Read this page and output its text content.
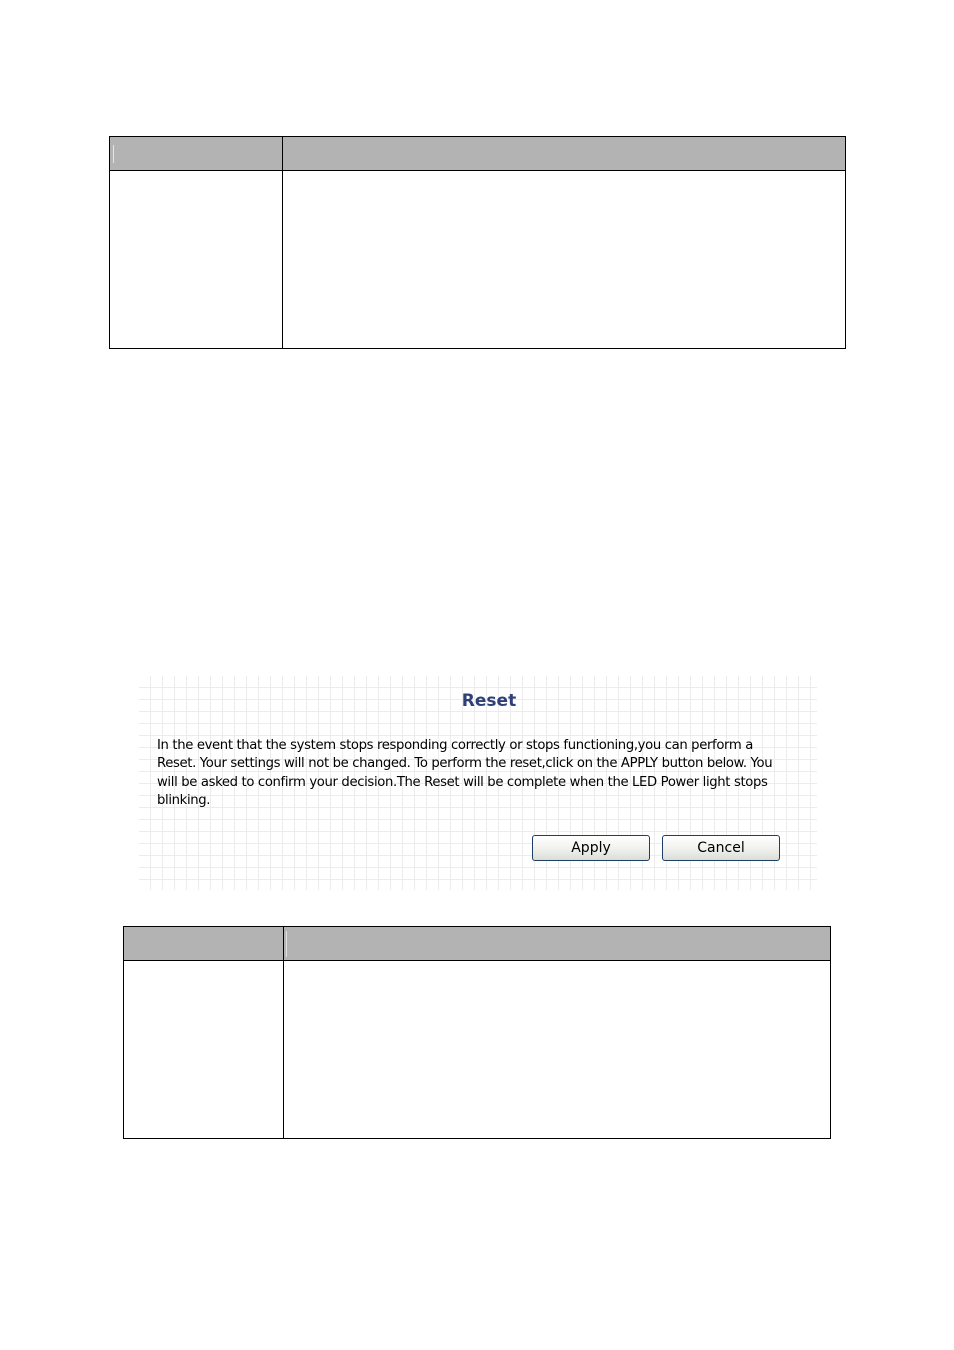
Reset
In the event that the system stops responding correctly or stops functioning,you can perform a Reset. Your settings will not be changed. To perform the reset,click on the APPLY button below. You will be asked to confirm your decision.The Reset will be complete when the LED Power light stops blinking.
Apply	Cancel
